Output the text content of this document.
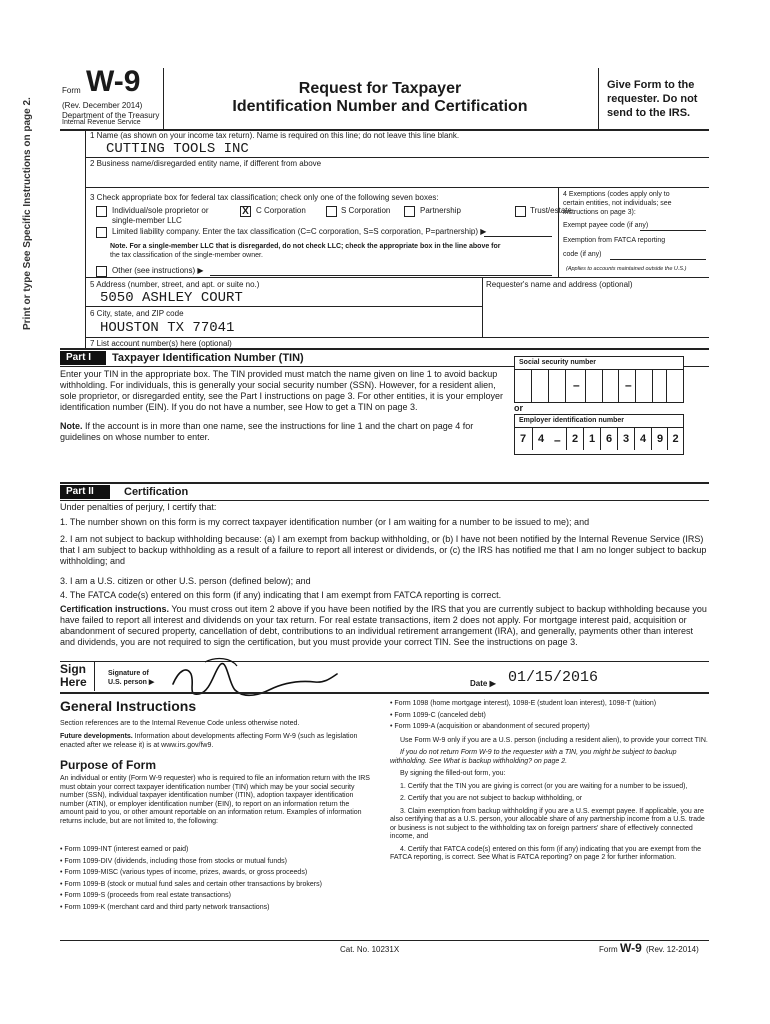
Form W-9
(Rev. December 2014)
Department of the Treasury
Internal Revenue Service
Request for Taxpayer
Identification Number and Certification
Give Form to the
requester. Do not
send to the IRS.
Print or type See Specific Instructions on page 2.	1 Name (as shown on your income tax return). Name is required on this line; do not leave this line blank.
CUTTING TOOLS INC
2 Business name/disregarded entity name, if different from above
3 Check appropriate box for federal tax classification; check only one of the following seven boxes:
Individual/sole proprietor or
single-member LLC
X C Corporation	S Corporation	Partnership	Trust/estate
Limited liability company. Enter the tax classification (C=C corporation, S=S corporation, P=partnership) ▶
Note. For a single-member LLC that is disregarded, do not check LLC; check the appropriate box in the line above for
the tax classification of the single-member owner.
Other (see instructions) ▶
4 Exemptions (codes apply only to
certain entities, not individuals; see
instructions on page 3):
Exempt payee code (if any)
Exemption from FATCA reporting
code (if any)
(Applies to accounts maintained outside the U.S.)
5 Address (number, street, and apt. or suite no.)
5050 ASHLEY COURT
Requester's name and address (optional)
6 City, state, and ZIP code
HOUSTON TX 77041
7 List account number(s) here (optional)
Part I	Taxpayer Identification Number (TIN)
Enter your TIN in the appropriate box. The TIN provided must match the name given on line 1 to avoid backup withholding. For individuals, this is generally your social security number (SSN). However, for a resident alien, sole proprietor, or disregarded entity, see the Part I instructions on page 3. For other entities, it is your employer identification number (EIN). If you do not have a number, see How to get a TIN on page 3.
Note. If the account is in more than one name, see the instructions for line 1 and the chart on page 4 for guidelines on whose number to enter.
Social security number
–	–
or
Employer identification number
7	4 –	2 1 6 3 4 9 2
Part II	Certification
Under penalties of perjury, I certify that:
1. The number shown on this form is my correct taxpayer identification number (or I am waiting for a number to be issued to me); and
2. I am not subject to backup withholding because: (a) I am exempt from backup withholding, or (b) I have not been notified by the Internal Revenue Service (IRS) that I am subject to backup withholding as a result of a failure to report all interest or dividends, or (c) the IRS has notified me that I am no longer subject to backup withholding; and
3. I am a U.S. citizen or other U.S. person (defined below); and
4. The FATCA code(s) entered on this form (if any) indicating that I am exempt from FATCA reporting is correct.
Certification instructions. You must cross out item 2 above if you have been notified by the IRS that you are currently subject to backup withholding because you have failed to report all interest and dividends on your tax return. For real estate transactions, item 2 does not apply. For mortgage interest paid, acquisition or abandonment of secured property, cancellation of debt, contributions to an individual retirement arrangement (IRA), and generally, payments other than interest and dividends, you are not required to sign the certification, but you must provide your correct TIN. See the instructions on page 3.
Sign
Here
Signature of
U.S. person ▶	Date ▶ 01/15/2016
General Instructions
Section references are to the Internal Revenue Code unless otherwise noted.
Future developments. Information about developments affecting Form W-9 (such as legislation enacted after we release it) is at www.irs.gov/fw9.
Purpose of Form
An individual or entity (Form W-9 requester) who is required to file an information return with the IRS must obtain your correct taxpayer identification number (TIN) which may be your social security number (SSN), individual taxpayer identification number (ITIN), adoption taxpayer identification number (ATIN), or employer identification number (EIN), to report on an information return the amount paid to you, or other amount reportable on an information return. Examples of information returns include, but are not limited to, the following:
• Form 1099-INT (interest earned or paid)
• Form 1099-DIV (dividends, including those from stocks or mutual funds)
• Form 1099-MISC (various types of income, prizes, awards, or gross proceeds)
• Form 1099-B (stock or mutual fund sales and certain other transactions by brokers)
• Form 1099-S (proceeds from real estate transactions)
• Form 1099-K (merchant card and third party network transactions)
• Form 1098 (home mortgage interest), 1098-E (student loan interest), 1098-T (tuition)
• Form 1099-C (canceled debt)
• Form 1099-A (acquisition or abandonment of secured property)
Use Form W-9 only if you are a U.S. person (including a resident alien), to provide your correct TIN.
If you do not return Form W-9 to the requester with a TIN, you might be subject to backup withholding. See What is backup withholding? on page 2.
By signing the filled-out form, you:
1. Certify that the TIN you are giving is correct (or you are waiting for a number to be issued),
2. Certify that you are not subject to backup withholding, or
3. Claim exemption from backup withholding if you are a U.S. exempt payee. If applicable, you are also certifying that as a U.S. person, your allocable share of any partnership income from a U.S. trade or business is not subject to the withholding tax on foreign partners' share of effectively connected income, and
4. Certify that FATCA code(s) entered on this form (if any) indicating that you are exempt from the FATCA reporting, is correct. See What is FATCA reporting? on page 2 for further information.
Cat. No. 10231X	Form W-9 (Rev. 12-2014)
